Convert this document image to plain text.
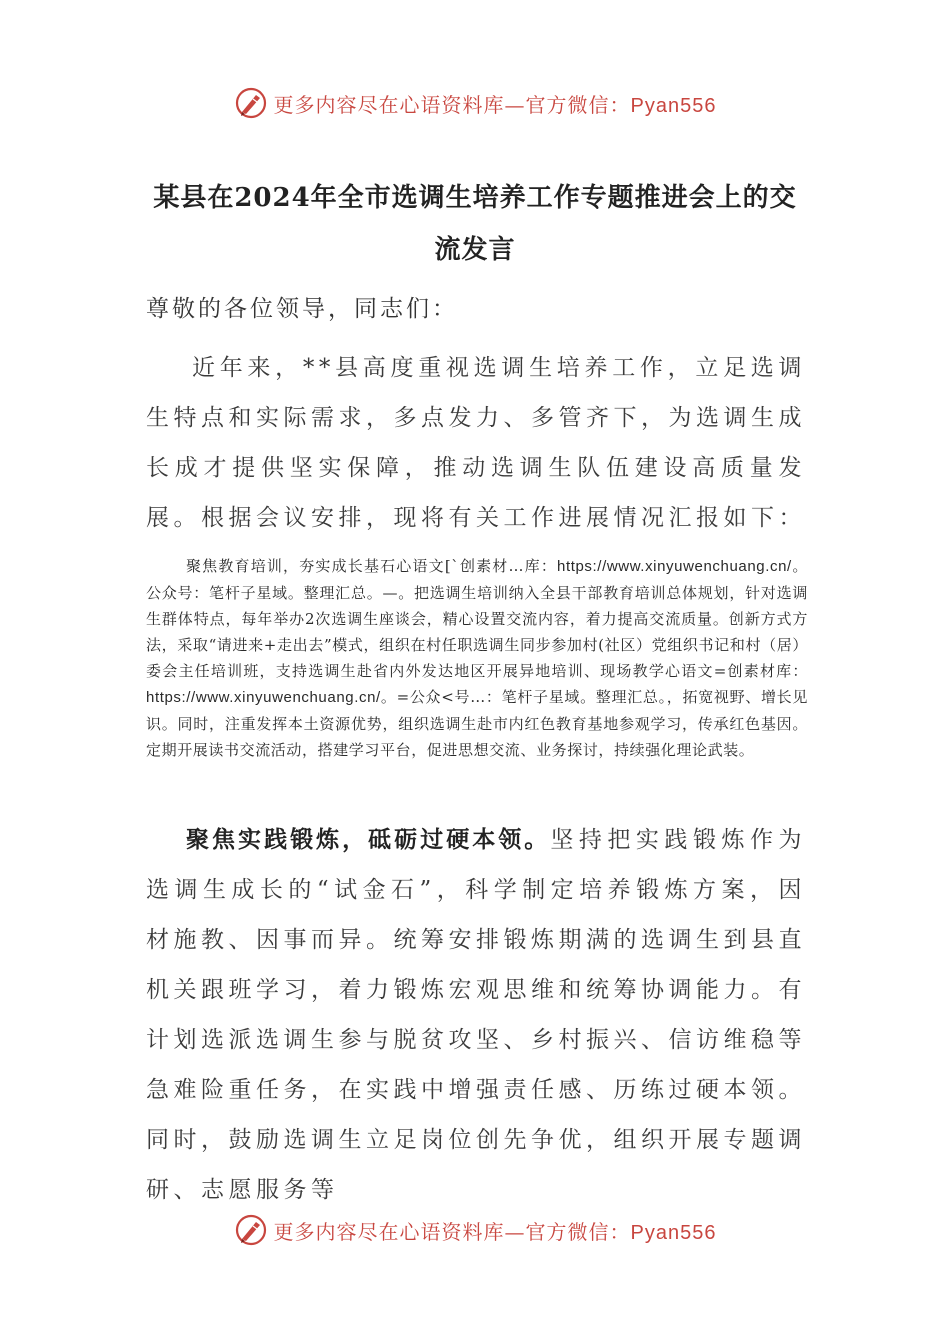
更多内容尽在心语资料库—官方微信：Pyan556
某县在2024年全市选调生培养工作专题推进会上的交流发言
尊敬的各位领导，同志们：

近年来，**县高度重视选调生培养工作，立足选调生特点和实际需求，多点发力、多管齐下，为选调生成长成才提供坚实保障，推动选调生队伍建设高质量发展。根据会议安排，现将有关工作进展情况汇报如下：

聚焦教育培训，夯实成长基石心语文[`创素材…库：https://www.xinyuwenchuang.cn/。公众号：笔杆子星域。整理汇总。—。把选调生培训纳入全县干部教育培训总体规划，针对选调生群体特点，每年举办2次选调生座谈会，精心设置交流内容，着力提高交流质量。创新方式方法，采取“请进来+走出去”模式，组织在村任职选调生同步参加村(社区）党组织书记和村（居）委会主任培训班，支持选调生赴省内外发达地区开展异地培训、现场教学心语文=创素材库：https://www.xinyuwenchuang.cn/。=公众<号…：笔杆子星域。整理汇总。，拓宽视野、增长见识。同时，注重发挥本土资源优势，组织选调生赴市内红色教育基地参观学习，传承红色基因。定期开展读书交流活动，搭建学习平台，促进思想交流、业务探讨，持续强化理论武装。

聚焦实践锻炼，砥砺过硬本领。坚持把实践锻炼作为选调生成长的“试金石”，科学制定培养锻炼方案，因材施教、因事而异。统筹安排锻炼期满的选调生到县直机关跟班学习，着力锻炼宏观思维和统筹协调能力。有计划选派选调生参与脱贫攻坚、乡村振兴、信访维稳等急难险重任务，在实践中增强责任感、历练过硬本领。同时，鼓励选调生立足岗位创先争优，组织开展专题调研、志愿服务等

更多内容尽在心语资料库—官方微信：Pyan556
